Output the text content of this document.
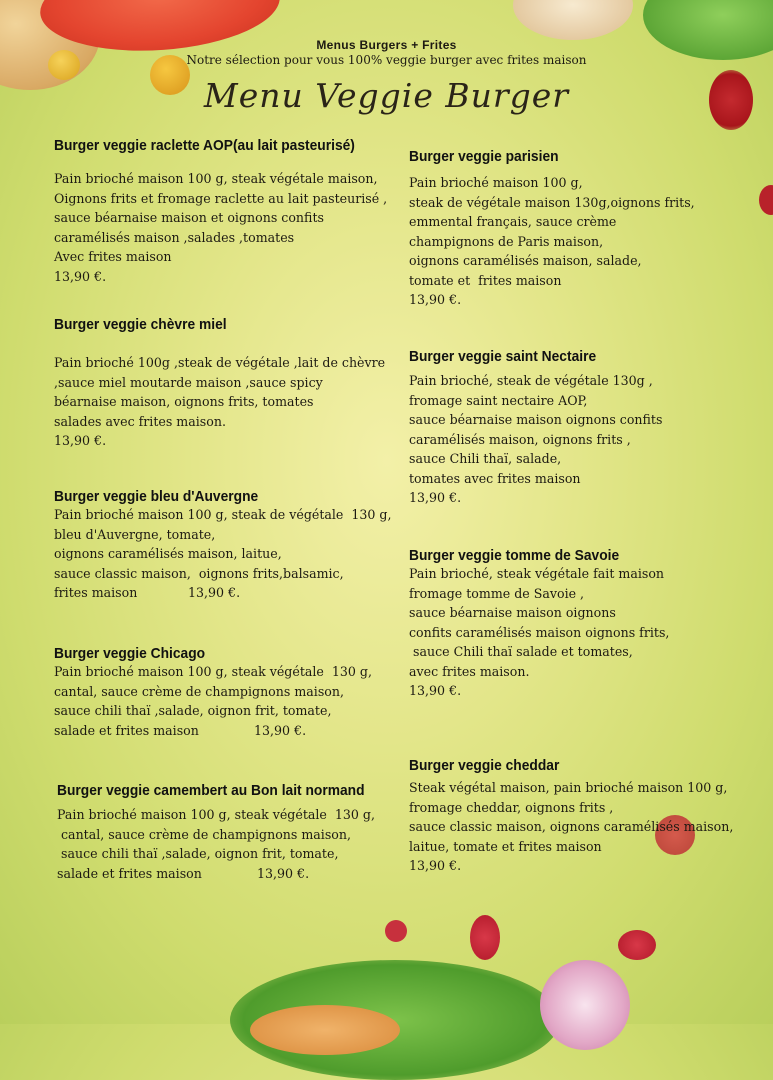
Menus Burgers + Frites
Notre sélection pour vous 100% veggie burger avec frites maison
Menu Veggie Burger
Burger veggie raclette AOP(au lait pasteurisé)

Pain brioché maison 100 g, steak végétale maison,
Oignons frits et fromage raclette au lait pasteurisé ,
sauce béarnaise maison et oignons confits
caramélisés maison ,salades ,tomates
Avec frites maison

13,90 €.
Burger veggie chèvre miel

Pain brioché 100g ,steak de végétale ,lait de chèvre
,sauce miel moutarde maison ,sauce spicy
béarnaise maison, oignons frits, tomates
salades avec frites maison.

13,90 €.
Burger veggie bleu d'Auvergne

Pain brioché maison 100 g, steak de végétale  130 g,
bleu d'Auvergne, tomate,
oignons caramélisés maison, laitue,
sauce classic maison,  oignons frits,balsamic,
frites maison	13,90 €.
Burger veggie Chicago

Pain brioché maison 100 g, steak végétale  130 g,
cantal, sauce crème de champignons maison,
sauce chili thaï ,salade, oignon frit, tomate,
salade et frites maison	13,90 €.
Burger veggie camembert au Bon lait normand

Pain brioché maison 100 g, steak végétale  130 g,
cantal, sauce crème de champignons maison,
sauce chili thaï ,salade, oignon frit, tomate,
salade et frites maison	13,90 €.
Burger veggie parisien

Pain brioché maison 100 g,
steak de végétale maison 130g,oignons frits,
emmental français, sauce crème
champignons de Paris maison,
oignons caramélisés maison, salade,
tomate et  frites maison

13,90 €.
Burger veggie saint Nectaire

Pain brioché, steak de végétale 130g ,
fromage saint nectaire AOP,
sauce béarnaise maison oignons confits
caramélisés maison, oignons frits ,
sauce Chili thaï, salade,
tomates avec frites maison

13,90 €.
Burger veggie tomme de Savoie

Pain brioché, steak végétale fait maison
fromage tomme de Savoie ,
sauce béarnaise maison oignons
confits caramélisés maison oignons frits,
sauce Chili thaï salade et tomates,
avec frites maison.

13,90 €.
Burger veggie cheddar

Steak végétal maison, pain brioché maison 100 g,
fromage cheddar, oignons frits ,
sauce classic maison, oignons caramélisés maison,
laitue, tomate et frites maison

13,90 €.
